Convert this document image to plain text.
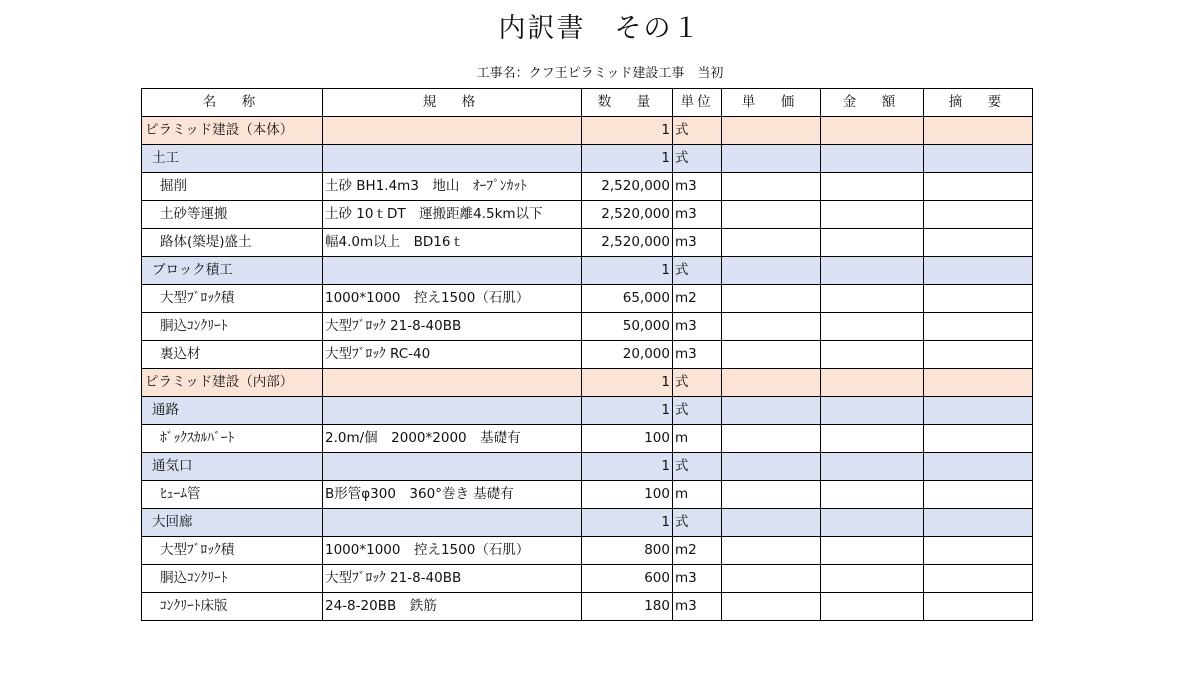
内訳書　その１
工事名：クフ王ピラミッド建設工事　当初
名　称	規　格	数　量	単位	単　価	金　額	摘　要
ピラミッド建設（本体）		1	式			
土工		1	式			
掘削	土砂 BH1.4m3　地山　ｵｰﾌﾟﾝｶｯﾄ	2,520,000	m3			
土砂等運搬	土砂 10ｔDT　運搬距離4.5km以下	2,520,000	m3			
路体(築堤)盛土	幅4.0m以上　BD16ｔ	2,520,000	m3			
ブロック積工		1	式			
大型ﾌﾞﾛｯｸ積	1000*1000　控え1500（石肌）	65,000	m2			
胴込ｺﾝｸﾘｰﾄ	大型ﾌﾞﾛｯｸ 21-8-40BB	50,000	m3			
裏込材	大型ﾌﾞﾛｯｸ RC-40	20,000	m3			
ピラミッド建設（内部）		1	式			
通路		1	式			
ﾎﾞｯｸｽｶﾙﾊﾞｰﾄ	2.0m/個　2000*2000　基礎有	100	m			
通気口		1	式			
ﾋｭｰﾑ管	B形管φ300　360°巻き 基礎有	100	m			
大回廊		1	式			
大型ﾌﾞﾛｯｸ積	1000*1000　控え1500（石肌）	800	m2			
胴込ｺﾝｸﾘｰﾄ	大型ﾌﾞﾛｯｸ 21-8-40BB	600	m3			
ｺﾝｸﾘｰﾄ床版	24-8-20BB　鉄筋	180	m3			
